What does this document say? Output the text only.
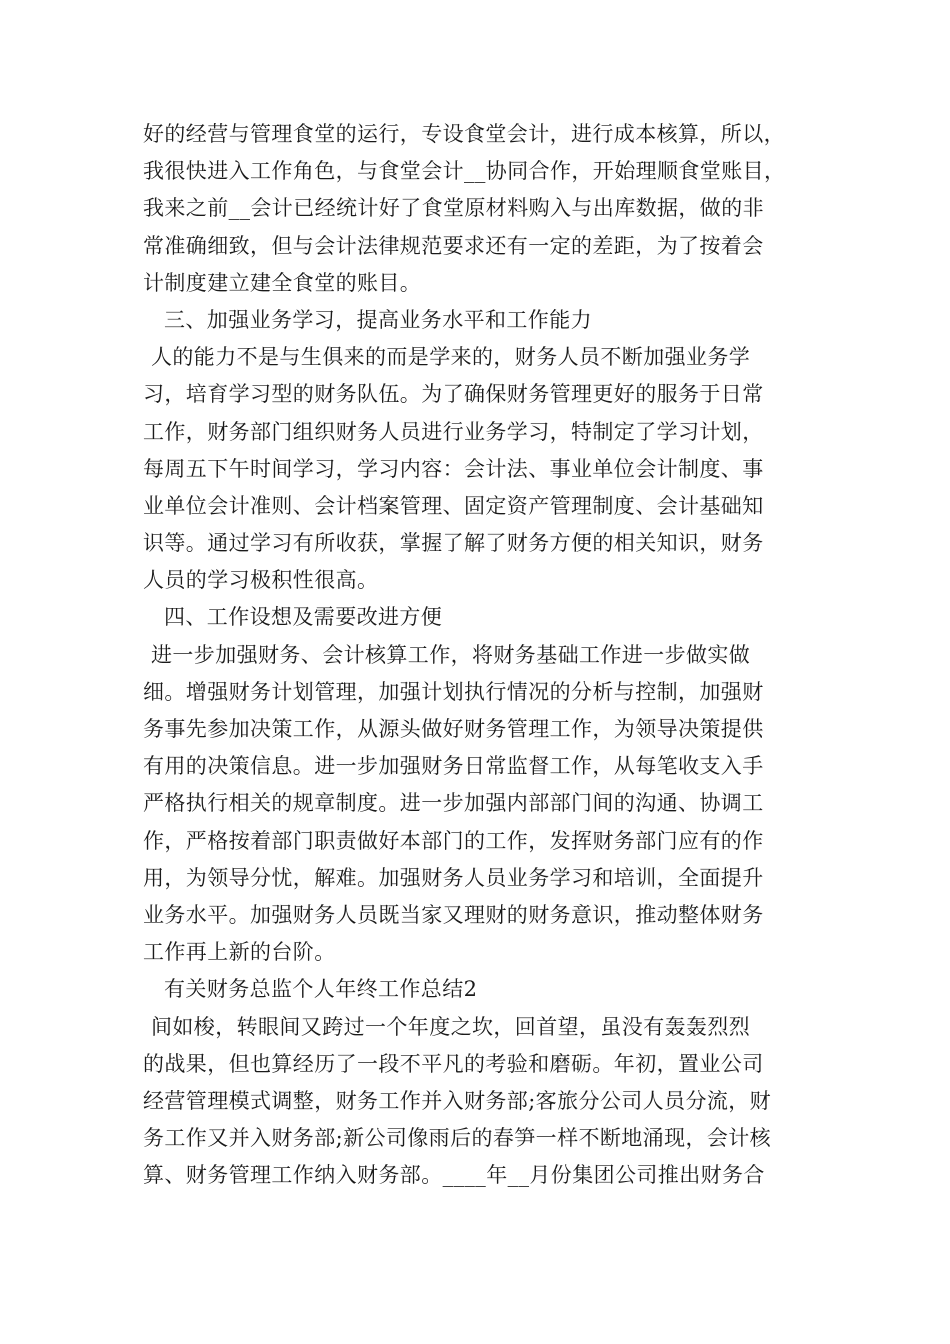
好的经营与管理食堂的运行，专设食堂会计，进行成本核算，所以，
我很快进入工作角色，与食堂会计__协同合作，开始理顺食堂账目，
我来之前__会计已经统计好了食堂原材料购入与出库数据，做的非
常准确细致，但与会计法律规范要求还有一定的差距，为了按着会
计制度建立建全食堂的账目。
三、加强业务学习，提高业务水平和工作能力
人的能力不是与生俱来的而是学来的，财务人员不断加强业务学
习，培育学习型的财务队伍。为了确保财务管理更好的服务于日常
工作，财务部门组织财务人员进行业务学习，特制定了学习计划，
每周五下午时间学习，学习内容：会计法、事业单位会计制度、事
业单位会计准则、会计档案管理、固定资产管理制度、会计基础知
识等。通过学习有所收获，掌握了解了财务方便的相关知识，财务
人员的学习极积性很高。
四、工作设想及需要改进方便
进一步加强财务、会计核算工作，将财务基础工作进一步做实做
细。增强财务计划管理，加强计划执行情况的分析与控制，加强财
务事先参加决策工作，从源头做好财务管理工作，为领导决策提供
有用的决策信息。进一步加强财务日常监督工作，从每笔收支入手
严格执行相关的规章制度。进一步加强内部部门间的沟通、协调工
作，严格按着部门职责做好本部门的工作，发挥财务部门应有的作
用，为领导分忧，解难。加强财务人员业务学习和培训，全面提升
业务水平。加强财务人员既当家又理财的财务意识，推动整体财务
工作再上新的台阶。
有关财务总监个人年终工作总结2
间如梭，转眼间又跨过一个年度之坎，回首望，虽没有轰轰烈烈
的战果，但也算经历了一段不平凡的考验和磨砺。年初，置业公司
经营管理模式调整，财务工作并入财务部;客旅分公司人员分流，财
务工作又并入财务部;新公司像雨后的春笋一样不断地涌现，会计核
算、财务管理工作纳入财务部。____年__月份集团公司推出财务合
